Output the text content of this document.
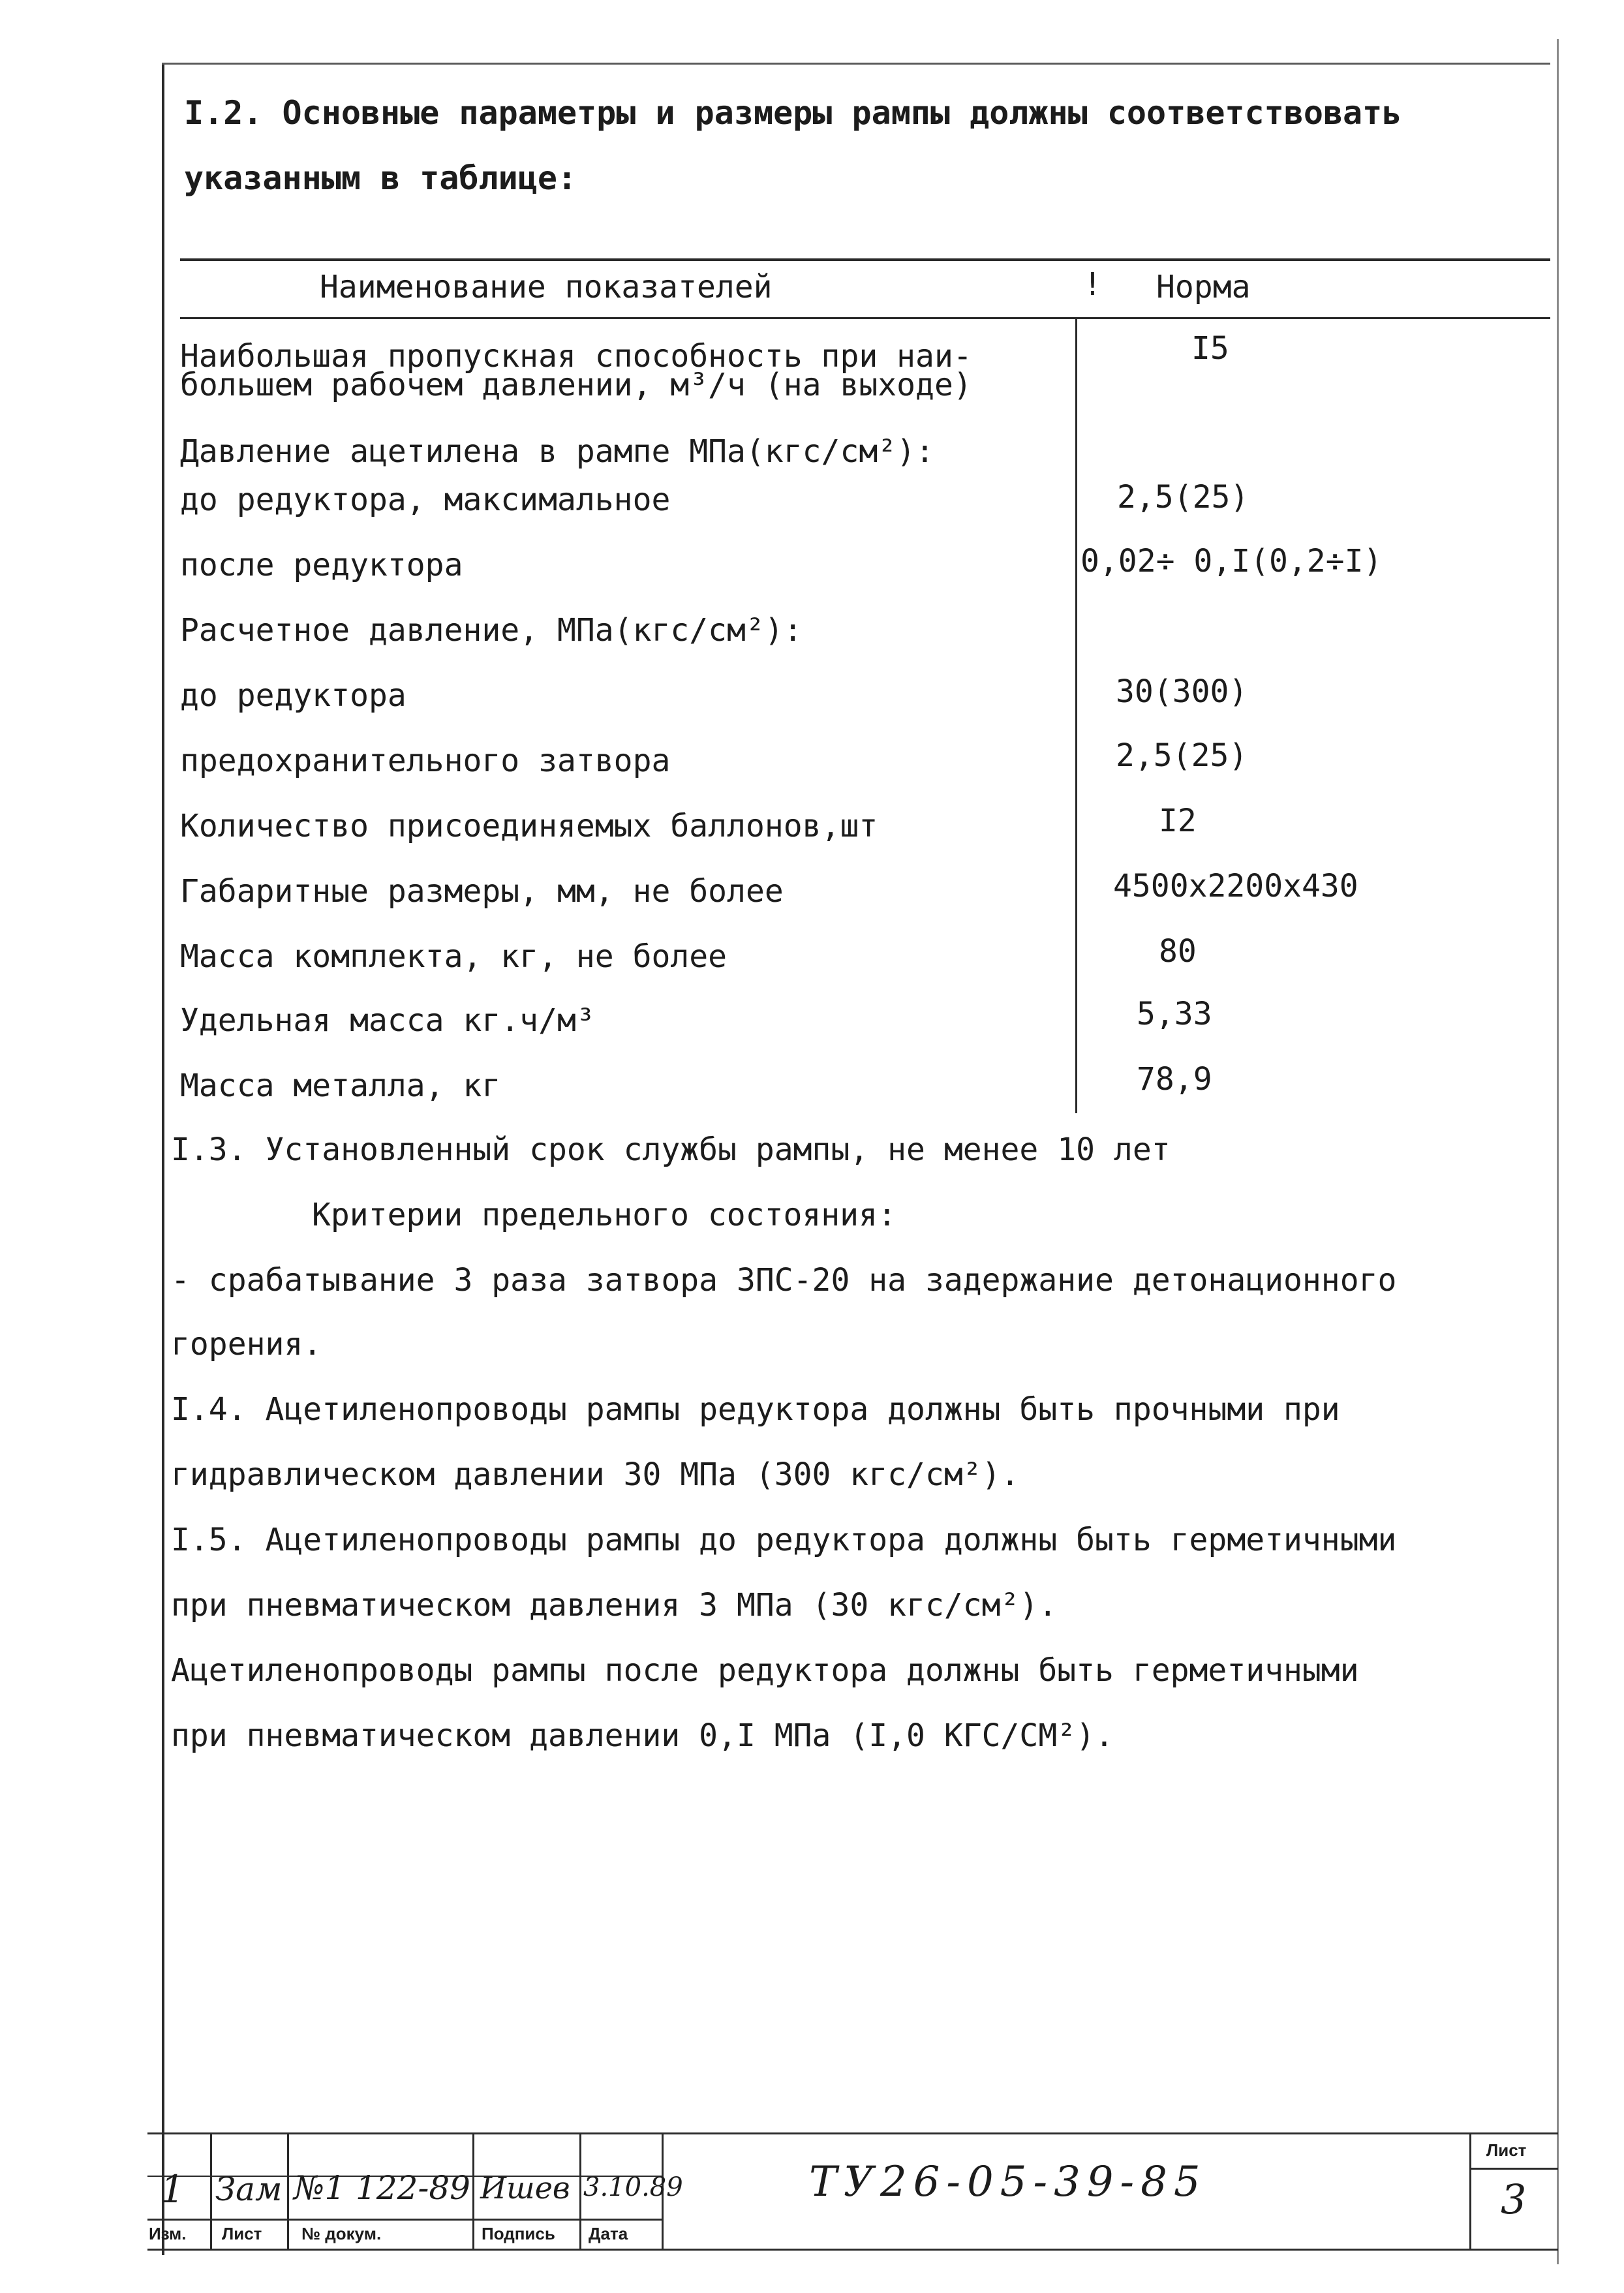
I.2. Основные параметры и размеры рампы должны соответствовать
указанным в таблице:
Наименование показателей	! Норма
Наибольшая пропускная способность при наи-
большем рабочем давлении, м³/ч (на выходе)
Давление ацетилена в рампе МПа(кгс/см²):
до редуктора, максимальное
после редуктора
Расчетное давление, МПа(кгс/см²):
до редуктора
предохранительного затвора
Количество присоединяемых баллонов,шт
Габаритные размеры, мм, не более
Масса комплекта, кг, не более
Удельная масса кг.ч/м³
Масса металла, кг
I5
2,5(25)
0,02÷ 0,I(0,2÷I)
30(300)
2,5(25)
I2
4500x2200x430
80
5,33
78,9
I.3. Установленный срок службы рампы, не менее 10 лет
Критерии предельного состояния:
- срабатывание 3 раза затвора ЗПС-20 на задержание детонационного
горения.
I.4. Ацетиленопроводы рампы редуктора должны быть прочными при
гидравлическом давлении 30 МПа (300 кгс/см²).
I.5. Ацетиленопроводы рампы до редуктора должны быть герметичными
при пневматическом давления 3 МПа (30 кгс/см²).
Ацетиленопроводы рампы после редуктора должны быть герметичными
при пневматическом давлении 0,I МПа (I,0 КГС/СМ²).
1 Зам №1 122-89 Ишев 3.10.89
Изм. Лист № докум.	Подпись Дата
ТУ26-05-39-85
Лист
3
